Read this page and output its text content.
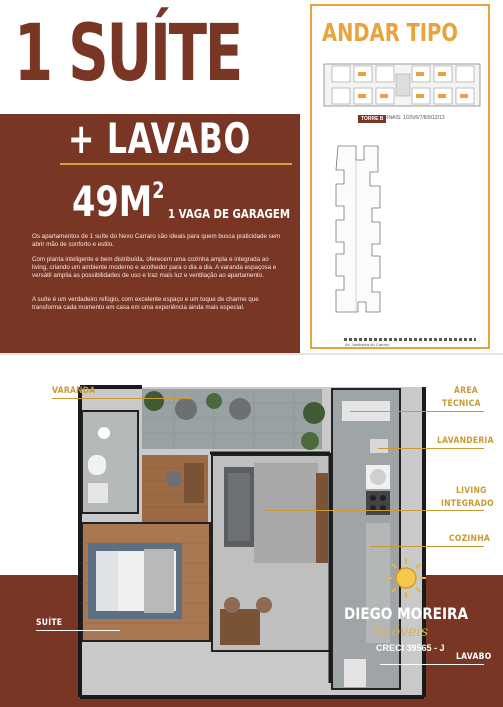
1 SUÍTE
+ LAVABO
$49M^2$
1 VAGA DE GARAGEM

Os apartamentos de 1 suíte do Nexo Carraro são ideais para quem busca praticidade sem abrir mão de conforto e estilo.

Com planta inteligente e bem distribuída, oferecem uma cozinha ampla e integrada ao living, criando um ambiente moderno e acolhedor para o dia a dia. A varanda espaçosa e versátil amplia as possibilidades de uso e traz mais luz e ventilação ao apartamento.

A suíte é um verdadeiro refúgio, com excelente espaço e um toque de charme que transforma cada momento em casa em uma experiência ainda mais especial.

ANDAR TIPO
TORRE B FINAIS: 1/2/5/6/7/8/9/12/13
Av. Jardineira do Carraro
VARANDA	ÁREA
TÉCNICA
LAVANDERIA
LIVING
INTEGRADO
COZINHA
SUÍTE
LAVABO
DIEGO MOREIRA
Imóveis
CRECI 39565 - J
